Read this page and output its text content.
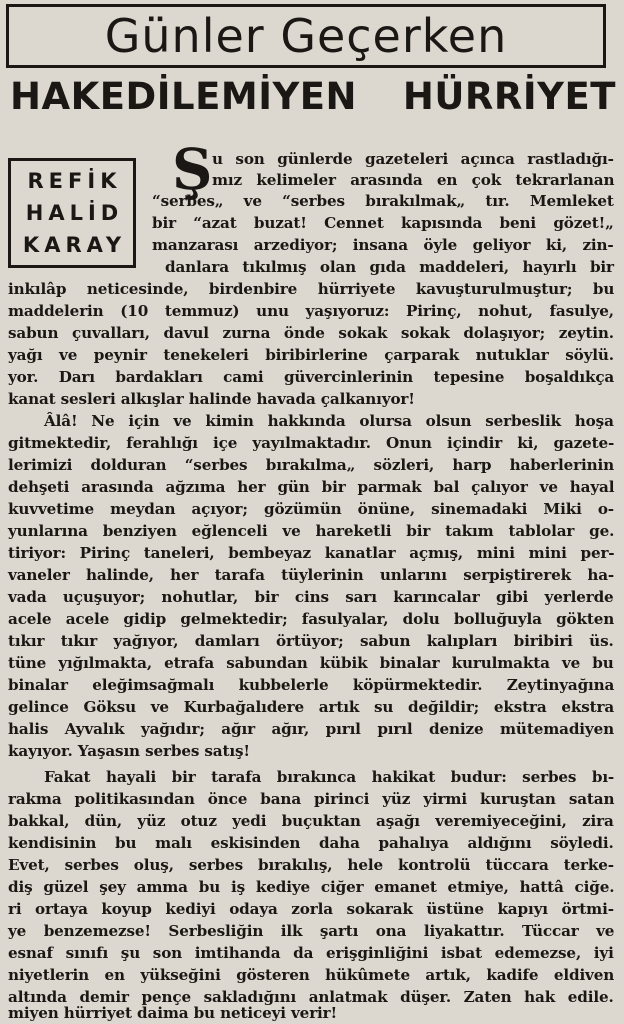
Günler Geçerken
HAKEDİLEMİYEN HÜRRİYET
REFİK
HALİD
KARAY
Ş u son günlerde gazeteleri açınca rastladığı-
mız kelimeler arasında en çok tekrarlanan
“serbes„ ve “serbes bırakılmak„ tır. Memleket
bir “azat buzat! Cennet kapısında beni gözet!„
manzarası arzediyor; insana öyle geliyor ki, zin-
danlara tıkılmış olan gıda maddeleri, hayırlı bir
inkılâp neticesinde, birdenbire hürriyete kavuşturulmuştur; bu
maddelerin (10 temmuz) unu yaşıyoruz: Pirinç, nohut, fasulye,
sabun çuvalları, davul zurna önde sokak sokak dolaşıyor; zeytin.
yağı ve peynir tenekeleri biribirlerine çarparak nutuklar söylü.
yor. Darı bardakları cami güvercinlerinin tepesine boşaldıkça
kanat sesleri alkışlar halinde havada çalkanıyor!
Âlâ! Ne için ve kimin hakkında olursa olsun serbeslik hoşa
gitmektedir, ferahlığı içe yayılmaktadır. Onun içindir ki, gazete-
lerimizi dolduran “serbes bırakılma„ sözleri, harp haberlerinin
dehşeti arasında ağzıma her gün bir parmak bal çalıyor ve hayal
kuvvetime meydan açıyor; gözümün önüne, sinemadaki Miki o-
yunlarına benziyen eğlenceli ve hareketli bir takım tablolar ge.
tiriyor: Pirinç taneleri, bembeyaz kanatlar açmış, mini mini per-
vaneler halinde, her tarafa tüylerinin unlarını serpiştirerek ha-
vada uçuşuyor; nohutlar, bir cins sarı karıncalar gibi yerlerde
acele acele gidip gelmektedir; fasulyalar, dolu bolluğuyla gökten
tıkır tıkır yağıyor, damları örtüyor; sabun kalıpları biribiri üs.
tüne yığılmakta, etrafa sabundan kübik binalar kurulmakta ve bu
binalar eleğimsağmalı kubbelerle köpürmektedir. Zeytinyağına
gelince Göksu ve Kurbağalıdere artık su değildir; ekstra ekstra
halis Ayvalık yağıdır; ağır ağır, pırıl pırıl denize mütemadiyen
kayıyor. Yaşasın serbes satış!
Fakat hayali bir tarafa bırakınca hakikat budur: serbes bı-
rakma politikasından önce bana pirinci yüz yirmi kuruştan satan
bakkal, dün, yüz otuz yedi buçuktan aşağı veremiyeceğini, zira
kendisinin bu malı eskisinden daha pahalıya aldığını söyledi.
Evet, serbes oluş, serbes bırakılış, hele kontrolü tüccara terke-
diş güzel şey amma bu iş kediye ciğer emanet etmiye, hattâ ciğe.
ri ortaya koyup kediyi odaya zorla sokarak üstüne kapıyı örtmi-
ye benzemezse! Serbesliğin ilk şartı ona liyakattır. Tüccar ve
esnaf sınıfı şu son imtihanda da erişginliğini isbat edemezse, iyi
niyetlerin en yükseğini gösteren hükûmete artık, kadife eldiven
altında demir pençe sakladığını anlatmak düşer. Zaten hak edile.
miyen hürriyet daima bu neticeyi verir!
